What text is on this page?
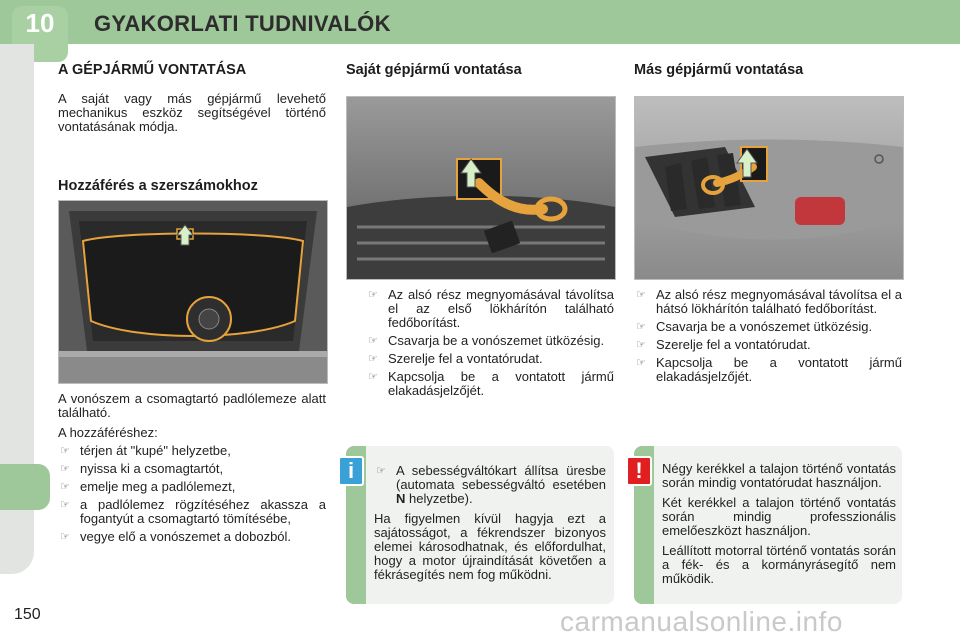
10	GYAKORLATI TUDNIVALÓK
150
A GÉPJÁRMŰ VONTATÁSA
A saját vagy más gépjármű levehető mechanikus eszköz segítségével történő vontatásának módja.
Hozzáférés a szerszámokhoz
A vonószem a csomagtartó padlólemeze alatt található.
A hozzáféréshez:
☞ térjen át "kupé" helyzetbe,
☞ nyissa ki a csomagtartót,
☞ emelje meg a padlólemezt,
☞ a padlólemez rögzítéséhez akassza a fogantyút a csomagtartó tömítésébe,
☞ vegye elő a vonószemet a dobozból.
Saját gépjármű vontatása
☞ Az alsó rész megnyomásával távolítsa el az első lökhárítón található fedőborítást.
☞ Csavarja be a vonószemet ütközésig.
☞ Szerelje fel a vontatórudat.
☞ Kapcsolja be a vontatott jármű elakadásjelzőjét.
i	☞ A sebességváltókart állítsa üresbe (automata sebességváltó esetében N helyzetbe).
Ha figyelmen kívül hagyja ezt a sajátosságot, a fékrendszer bizonyos elemei károsodhatnak, és előfordulhat, hogy a motor újraindítását követően a fékrásegítés nem fog működni.
Más gépjármű vontatása
☞ Az alsó rész megnyomásával távolítsa el a hátsó lökhárítón található fedőborítást.
☞ Csavarja be a vonószemet ütközésig.
☞ Szerelje fel a vontatórudat.
☞ Kapcsolja be a vontatott jármű elakadásjelzőjét.
!	Négy kerékkel a talajon történő vontatás során mindig vontatórudat használjon.
Két kerékkel a talajon történő vontatás során mindig professzionális emelőeszközt használjon.
Leállított motorral történő vontatás során a fék- és a kormányrásegítő nem működik.
carmanualsonline.info
